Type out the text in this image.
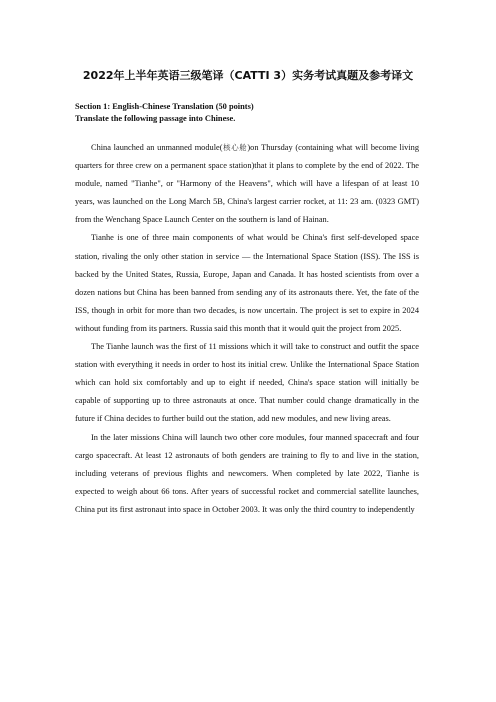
2022年上半年英语三级笔译（CATTI 3）实务考试真题及参考译文
Section 1: English-Chinese Translation (50 points)
Translate the following passage into Chinese.

China launched an unmanned module(核心舱)on Thursday (containing what will become living quarters for three crew on a permanent space station)that it plans to complete by the end of 2022. The module, named "Tianhe", or "Harmony of the Heavens", which will have a lifespan of at least 10 years, was launched on the Long March 5B, China's largest carrier rocket, at 11: 23 am. (0323 GMT) from the Wenchang Space Launch Center on the southern is land of Hainan.

Tianhe is one of three main components of what would be China's first self-developed space station, rivaling the only other station in service — the International Space Station (ISS). The ISS is backed by the United States, Russia, Europe, Japan and Canada. It has hosted scientists from over a dozen nations but China has been banned from sending any of its astronauts there. Yet, the fate of the ISS, though in orbit for more than two decades, is now uncertain. The project is set to expire in 2024 without funding from its partners. Russia said this month that it would quit the project from 2025.

The Tianhe launch was the first of 11 missions which it will take to construct and outfit the space station with everything it needs in order to host its initial crew. Unlike the International Space Station which can hold six comfortably and up to eight if needed, China's space station will initially be capable of supporting up to three astronauts at once. That number could change dramatically in the future if China decides to further build out the station, add new modules, and new living areas.

In the later missions China will launch two other core modules, four manned spacecraft and four cargo spacecraft. At least 12 astronauts of both genders are training to fly to and live in the station, including veterans of previous flights and newcomers. When completed by late 2022, Tianhe is expected to weigh about 66 tons. After years of successful rocket and commercial satellite launches, China put its first astronaut into space in October 2003. It was only the third country to independently
